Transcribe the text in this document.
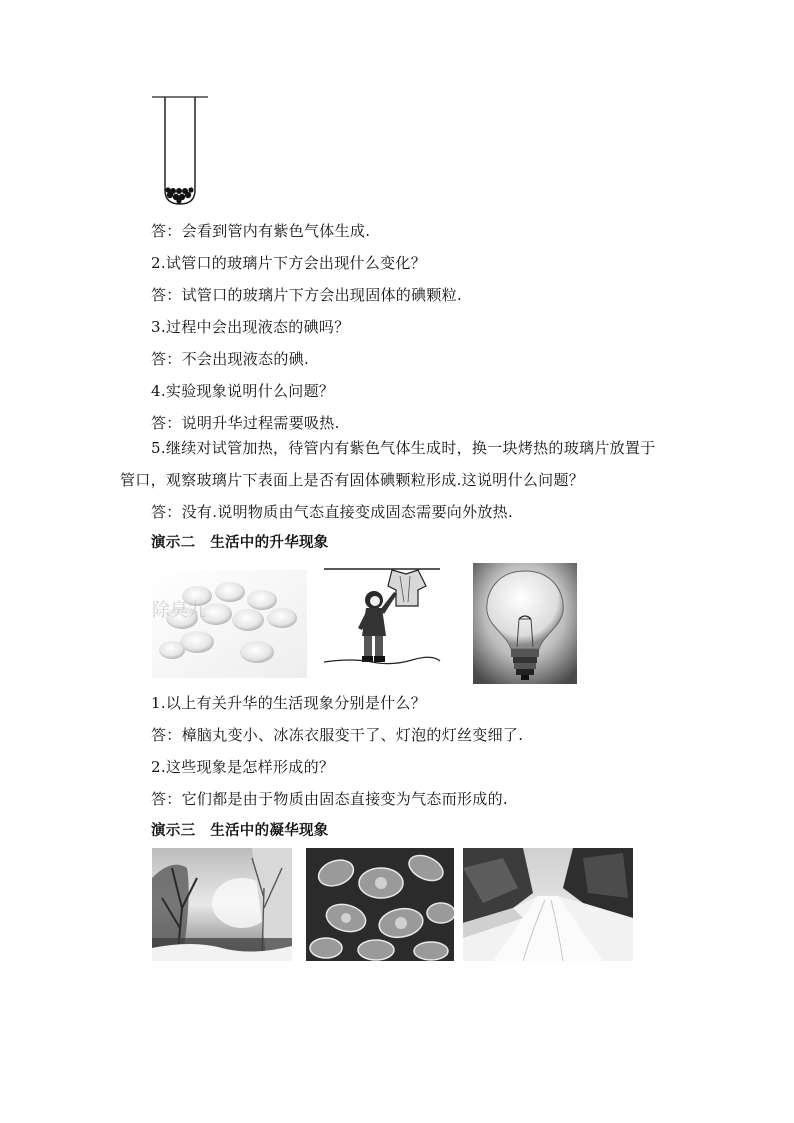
答：会看到管内有紫色气体生成.
2.试管口的玻璃片下方会出现什么变化？
答：试管口的玻璃片下方会出现固体的碘颗粒.
3.过程中会出现液态的碘吗？
答：不会出现液态的碘.
4.实验现象说明什么问题？
答：说明升华过程需要吸热.
5.继续对试管加热，待管内有紫色气体生成时，换一块烤热的玻璃片放置于
管口，观察玻璃片下表面上是否有固体碘颗粒形成.这说明什么问题？
答：没有.说明物质由气态直接变成固态需要向外放热.
演示二　生活中的升华现象
除臭丸
1.以上有关升华的生活现象分别是什么？
答：樟脑丸变小、冰冻衣服变干了、灯泡的灯丝变细了.
2.这些现象是怎样形成的？
答：它们都是由于物质由固态直接变为气态而形成的.
演示三　生活中的凝华现象
